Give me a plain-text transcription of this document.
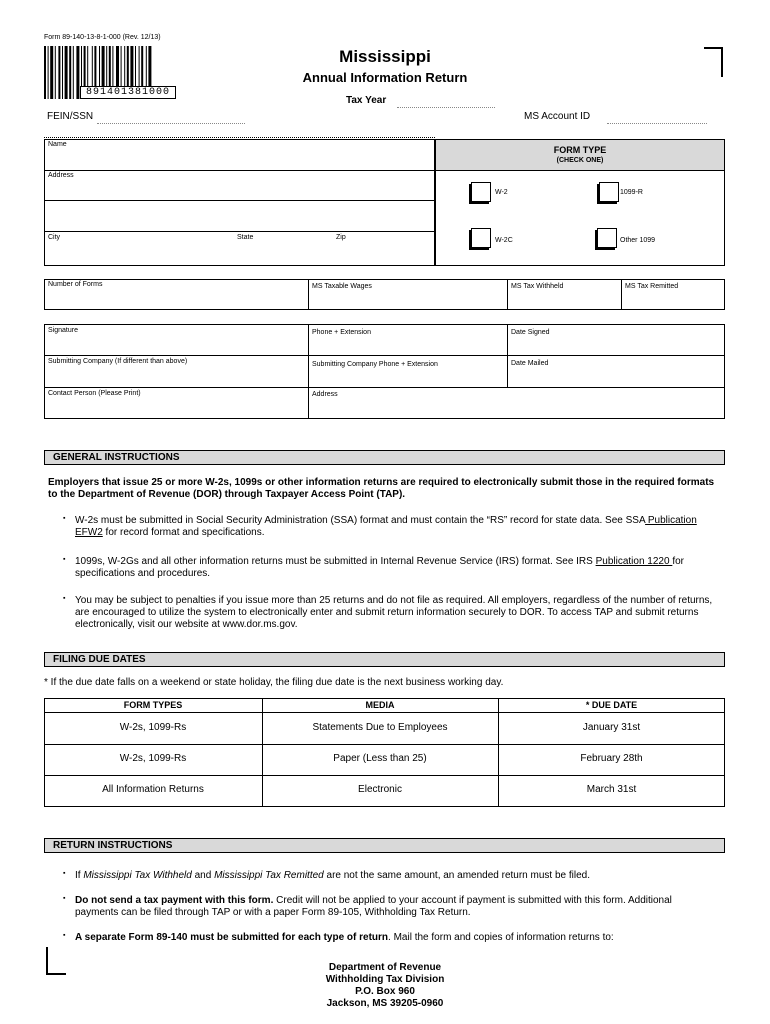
Form 89-140-13-8-1-000 (Rev. 12/13)
891401381000
Mississippi
Annual Information Return
Tax Year
FEIN/SSN	MS Account ID
Name
Address
City	State	Zip
FORM TYPE
(CHECK ONE)
W-2	1099-R
W-2C	Other 1099
Number of Forms	MS Taxable Wages	MS Tax Withheld	MS Tax Remitted
Signature	Phone + Extension	Date Signed
Submitting Company (If different than above)	Submitting Company Phone + Extension	Date Mailed
Contact Person (Please Print)	Address
GENERAL INSTRUCTIONS
Employers that issue 25 or more W-2s, 1099s or other information returns are required to electronically submit those in the required formats
to the Department of Revenue (DOR) through Taxpayer Access Point (TAP).
▪ W-2s must be submitted in Social Security Administration (SSA) format and must contain the “RS” record for state data. See SSA Publication
EFW2 for record format and specifications.
▪ 1099s, W-2Gs and all other information returns must be submitted in Internal Revenue Service (IRS) format. See IRS Publication 1220 for
specifications and procedures.
▪ You may be subject to penalties if you issue more than 25 returns and do not file as required. All employers, regardless of the number of returns,
are encouraged to utilize the system to electronically enter and submit return information securely to DOR. To access TAP and submit returns
electronically, visit our website at www.dor.ms.gov.
FILING DUE DATES
* If the due date falls on a weekend or state holiday, the filing due date is the next business working day.
FORM TYPES	MEDIA	* DUE DATE
W-2s, 1099-Rs	Statements Due to Employees	January 31st
W-2s, 1099-Rs	Paper (Less than 25)	February 28th
All Information Returns	Electronic	March 31st
RETURN INSTRUCTIONS
▪ If Mississippi Tax Withheld and Mississippi Tax Remitted are not the same amount, an amended return must be filed.
▪ Do not send a tax payment with this form. Credit will not be applied to your account if payment is submitted with this form. Additional
payments can be filed through TAP or with a paper Form 89-105, Withholding Tax Return.
▪ A separate Form 89-140 must be submitted for each type of return. Mail the form and copies of information returns to:
Department of Revenue
Withholding Tax Division
P.O. Box 960
Jackson, MS 39205-0960
